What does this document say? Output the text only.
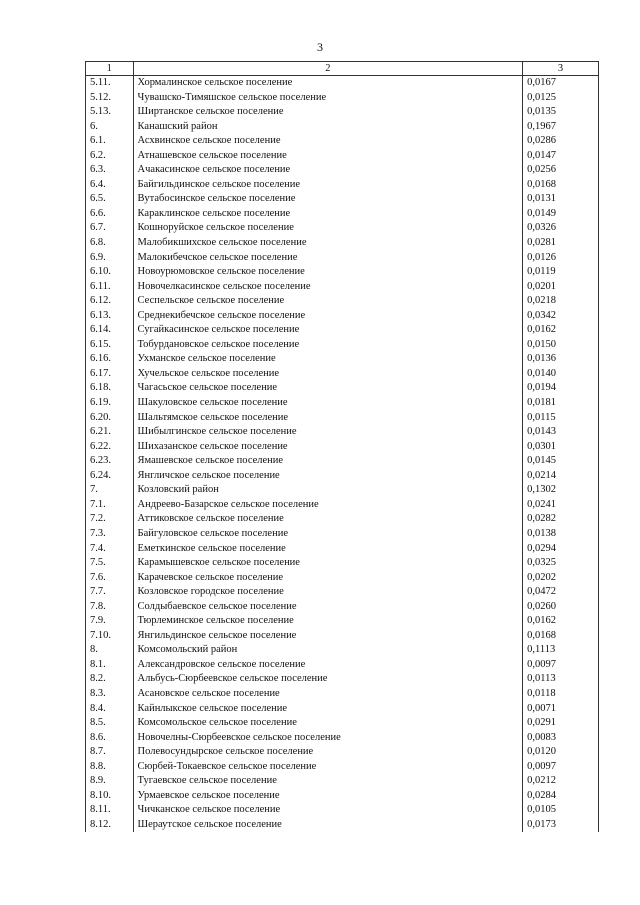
3
1	2	3
5.11.	Хормалинское сельское поселение	0,0167
5.12.	Чувашско-Тимяшское сельское поселение	0,0125
5.13.	Ширтанское сельское поселение	0,0135
6.	Канашский район	0,1967
6.1.	Асхвинское сельское поселение	0,0286
6.2.	Атнашевское сельское поселение	0,0147
6.3.	Ачакасинское сельское поселение	0,0256
6.4.	Байгильдинское сельское поселение	0,0168
6.5.	Вутабосинское сельское поселение	0,0131
6.6.	Караклинское сельское поселение	0,0149
6.7.	Кошноруйское сельское поселение	0,0326
6.8.	Малобикшихское сельское поселение	0,0281
6.9.	Малокибечское сельское поселение	0,0126
6.10.	Новоурюмовское сельское поселение	0,0119
6.11.	Новочелкасинское сельское поселение	0,0201
6.12.	Сеспельское сельское поселение	0,0218
6.13.	Среднекибечское сельское поселение	0,0342
6.14.	Сугайкасинское сельское поселение	0,0162
6.15.	Тобурдановское сельское поселение	0,0150
6.16.	Ухманское сельское поселение	0,0136
6.17.	Хучельское сельское поселение	0,0140
6.18.	Чагасьское сельское поселение	0,0194
6.19.	Шакуловское сельское поселение	0,0181
6.20.	Шальтямское сельское поселение	0,0115
6.21.	Шибылгинское сельское поселение	0,0143
6.22.	Шихазанское сельское поселение	0,0301
6.23.	Ямашевское сельское поселение	0,0145
6.24.	Янгличское сельское поселение	0,0214
7.	Козловский район	0,1302
7.1.	Андреево-Базарское сельское поселение	0,0241
7.2.	Аттиковское сельское поселение	0,0282
7.3.	Байгуловское сельское поселение	0,0138
7.4.	Еметкинское сельское поселение	0,0294
7.5.	Карамышевское сельское поселение	0,0325
7.6.	Карачевское сельское поселение	0,0202
7.7.	Козловское городское поселение	0,0472
7.8.	Солдыбаевское сельское поселение	0,0260
7.9.	Тюрлеминское сельское поселение	0,0162
7.10.	Янгильдинское сельское поселение	0,0168
8.	Комсомольский район	0,1113
8.1.	Александровское сельское поселение	0,0097
8.2.	Альбусь-Сюрбеевское сельское поселение	0,0113
8.3.	Асановское сельское поселение	0,0118
8.4.	Кайнлыкское сельское поселение	0,0071
8.5.	Комсомольское сельское поселение	0,0291
8.6.	Новочелны-Сюрбеевское сельское поселение	0,0083
8.7.	Полевосундырское сельское поселение	0,0120
8.8.	Сюрбей-Токаевское сельское поселение	0,0097
8.9.	Тугаевское сельское поселение	0,0212
8.10.	Урмаевское сельское поселение	0,0284
8.11.	Чичканское сельское поселение	0,0105
8.12.	Шераутское сельское поселение	0,0173
